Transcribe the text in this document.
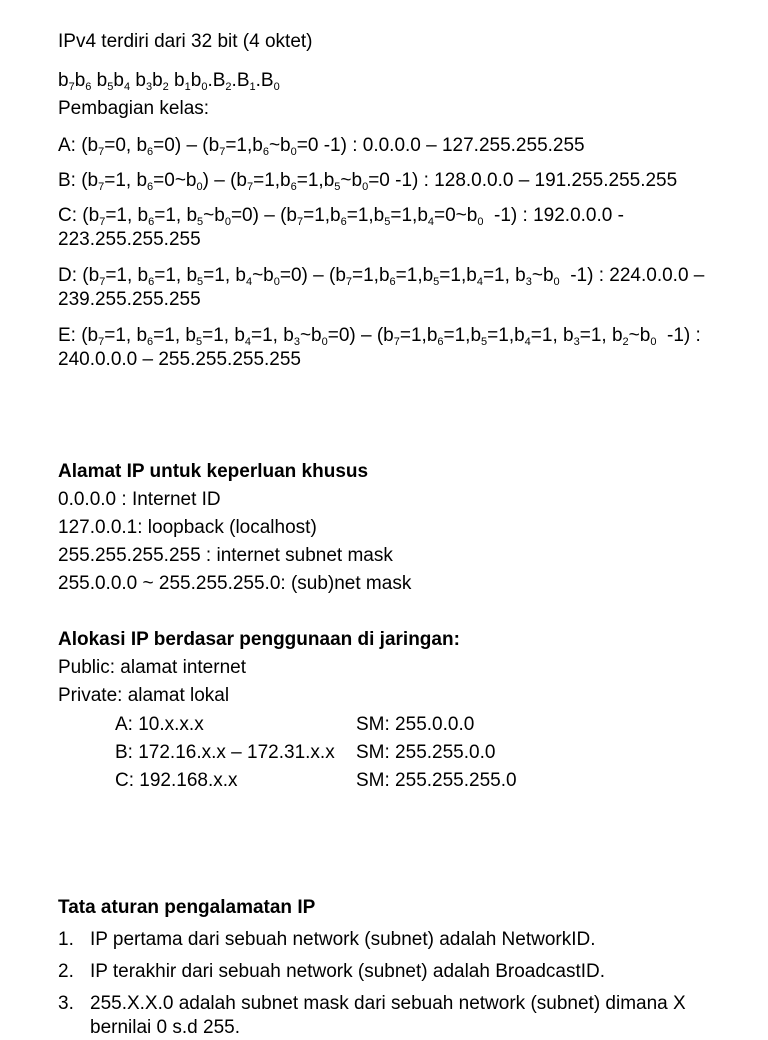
IPv4 terdiri dari 32 bit (4 oktet)
$b_7b_6$ $b_5b_4$ $b_3b_2$ $b_1b_0.B_2.B_1.B_0$
Pembagian kelas:
A: ($b_7=0$, $b_6=0$) – ($b_7=1,b_6\sim b_0=0$ -1) : 0.0.0.0 – 127.255.255.255
B: ($b_7=1$, $b_6=0\sim b_0$) – ($b_7=1,b_6=1,b_5\sim b_0=0$ -1) : 128.0.0.0 – 191.255.255.255
C: ($b_7=1$, $b_6=1$, $b_5\sim b_0=0$) – ($b_7=1,b_6=1,b_5=1,b_4=0\sim b_0$  -1) : 192.0.0.0 - 223.255.255.255
D: ($b_7=1$, $b_6=1$, $b_5=1$, $b_4\sim b_0=0) - (b_7=1,b_6=1,b_5=1,b_4=1$, $b_3\sim b_0$  -1) : 224.0.0.0 – 239.255.255.255
E: ($b_7=1$, $b_6=1$, $b_5=1$, $b_4=1$, $b_3\sim b_0=0) - (b_7=1,b_6=1,b_5=1,b_4=1$, $b_3=1$, $b_2\sim b_0$  -1) : 240.0.0.0 – 255.255.255.255
Alamat IP untuk keperluan khusus
0.0.0.0 : Internet ID
127.0.0.1: loopback (localhost)
255.255.255.255 : internet subnet mask
255.0.0.0 ~ 255.255.255.0: (sub)net mask
Alokasi IP berdasar penggunaan di jaringan:
Public: alamat internet
Private: alamat lokal
A: 10.x.x.x	SM: 255.0.0.0
B: 172.16.x.x – 172.31.x.x SM: 255.255.0.0
C: 192.168.x.x	SM: 255.255.255.0
Tata aturan pengalamatan IP
1. IP pertama dari sebuah network (subnet) adalah NetworkID.
2. IP terakhir dari sebuah network (subnet) adalah BroadcastID.
3. 255.X.X.0 adalah subnet mask dari sebuah network (subnet) dimana X bernilai 0 s.d 255.
